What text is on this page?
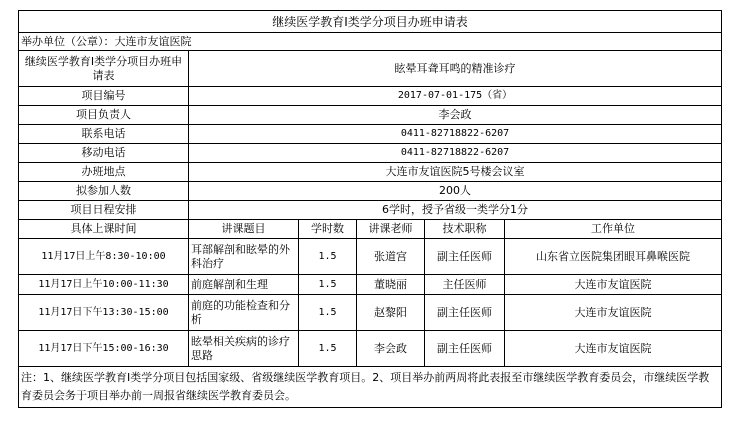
继续医学教育Ⅰ类学分项目办班申请表					
举办单位（公章）：大连市友谊医院					
继续医学教育Ⅰ类学分项目办班申请表	眩晕耳聋耳鸣的精准诊疗				
项目编号	2017-07-01-175（省）				
项目负责人	李会政				
联系电话	0411-82718822-6207				
移动电话	0411-82718822-6207				
办班地点	大连市友谊医院5号楼会议室				
拟参加人数	200人				
项目日程安排	6学时，授予省级一类学分1分				
具体上课时间	讲课题目	学时数	讲课老师	技术职称	工作单位
11月17日上午8:30-10:00	耳部解剖和眩晕的外科治疗	1.5	张道宫	副主任医师	山东省立医院集团眼耳鼻喉医院
11月17日上午10:00-11:30	前庭解剖和生理	1.5	董晓丽	主任医师	大连市友谊医院
11月17日下午13:30-15:00	前庭的功能检查和分析	1.5	赵黎阳	副主任医师	大连市友谊医院
11月17日下午15:00-16:30	眩晕相关疾病的诊疗思路	1.5	李会政	副主任医师	大连市友谊医院
注：1、继续医学教育Ⅰ类学分项目包括国家级、省级继续医学教育项目。2、项目举办前两周将此表报至市继续医学教育委员会，市继续医学教育委员会务于项目举办前一周报省继续医学教育委员会。					
